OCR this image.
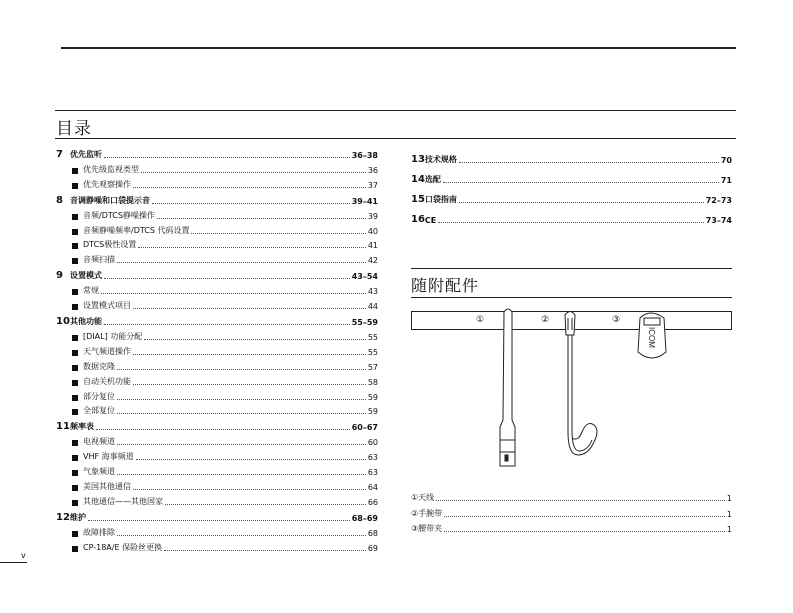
目录
7 优先监听	36–38
优先级监视类型	36
优先观察操作	37
8 音调静噪和口袋提示音	39–41
音频/DTCS静噪操作	39
音频静噪频率/DTCS 代码设置	40
DTCS极性设置	41
音频扫描	42
9 设置模式	43–54
常规	43
设置模式项目	44
10 其他功能	55–59
[DIAL] 功能分配	55
天气频道操作	55
数据克隆	57
自动关机功能	58
部分复位	59
全部复位	59
11 频率表	60–67
电视频道	60
VHF 海事频道	63
气象频道	63
美国其他通信	64
其他通信——其他国家	66
12 维护	68–69
故障排除	68
CP-18A/E 保险丝更换	69
13 技术规格	70
14 选配	71
15 口袋指南	72–73
16 CE	73–74
随附配件
①	②	③
ICOM
①天线	1
②手腕带	1
③腰带夹	1
v
